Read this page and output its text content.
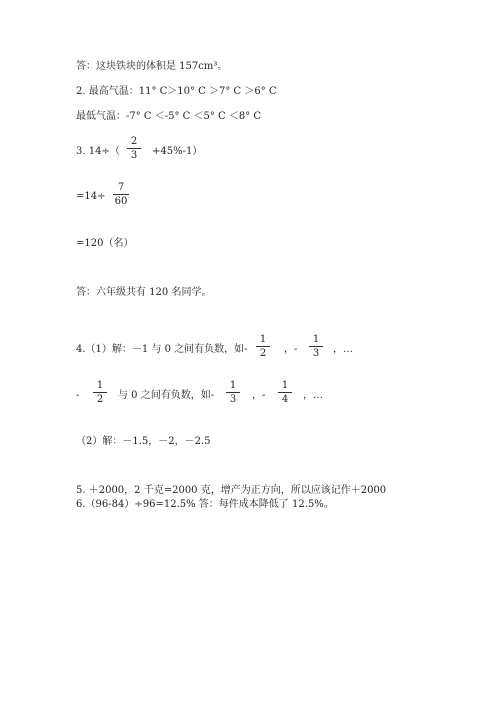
答：这块铁块的体积是 157cm³。
2. 最高气温：11° C＞10° C ＞7° C ＞6° C
最低气温：-7° C ＜-5° C ＜5° C ＜8° C
3. 14÷（
2
3	+45%-1）
=14÷
7
60
=120（名）
答：六年级共有 120 名同学。
4.（1）解：－1 与 0 之间有负数，如-
1
2	，-
1
3	，…
-
1
2	与 0 之间有负数，如-
1
3	，-
1
4	，…
（2）解：－1.5，－2，－2.5
5. ＋2000，2 千克=2000 克，增产为正方向，所以应该记作＋2000
6.（96-84）÷96=12.5% 答：每件成本降低了 12.5%。
